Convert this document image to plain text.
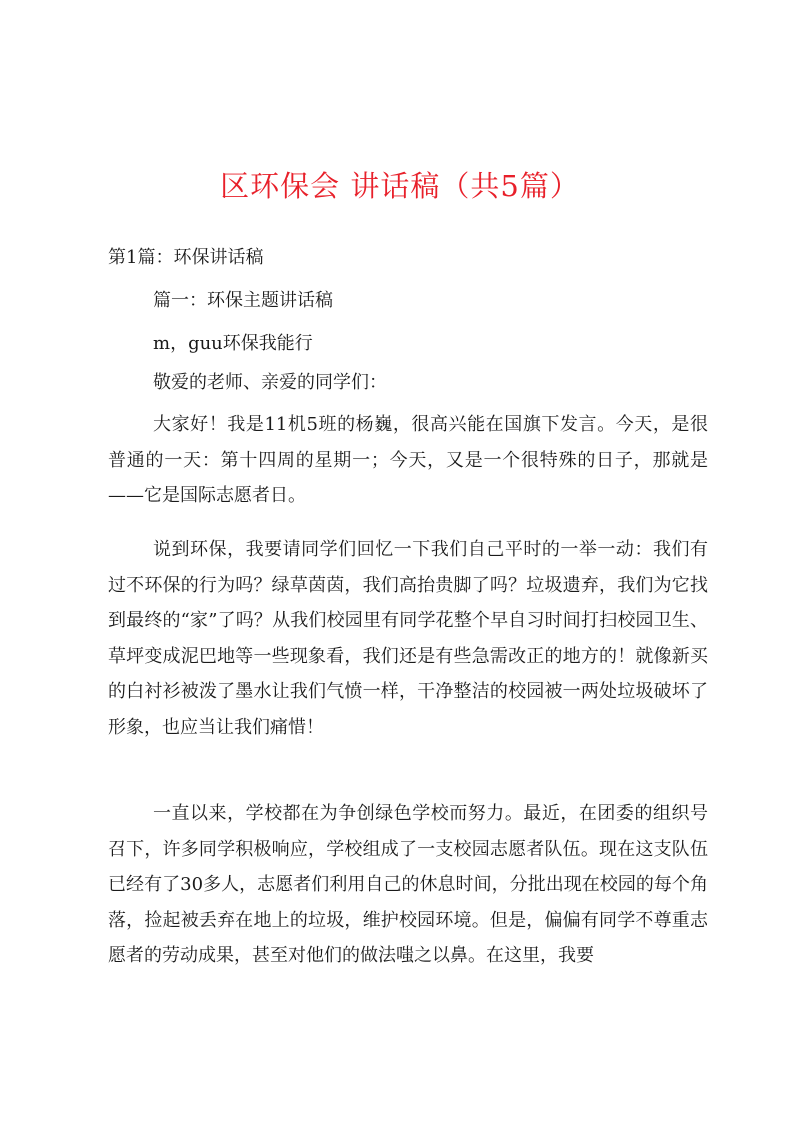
区环保会 讲话稿（共5篇）
第1篇：环保讲话稿
篇一：环保主题讲话稿
m，guu环保我能行
敬爱的老师、亲爱的同学们：
大家好！我是11机5班的杨巍，很高兴能在国旗下发言。今天，是很普通的一天：第十四周的星期一；今天，又是一个很特殊的日子，那就是——它是国际志愿者日。
说到环保，我要请同学们回忆一下我们自己平时的一举一动：我们有过不环保的行为吗？绿草茵茵，我们高抬贵脚了吗？垃圾遗弃，我们为它找到最终的“家”了吗？从我们校园里有同学花整个早自习时间打扫校园卫生、草坪变成泥巴地等一些现象看，我们还是有些急需改正的地方的！就像新买的白衬衫被泼了墨水让我们气愤一样，干净整洁的校园被一两处垃圾破坏了形象，也应当让我们痛惜！
一直以来，学校都在为争创绿色学校而努力。最近，在团委的组织号召下，许多同学积极响应，学校组成了一支校园志愿者队伍。现在这支队伍已经有了30多人，志愿者们利用自己的休息时间，分批出现在校园的每个角落，捡起被丢弃在地上的垃圾，维护校园环境。但是，偏偏有同学不尊重志愿者的劳动成果，甚至对他们的做法嗤之以鼻。在这里，我要
